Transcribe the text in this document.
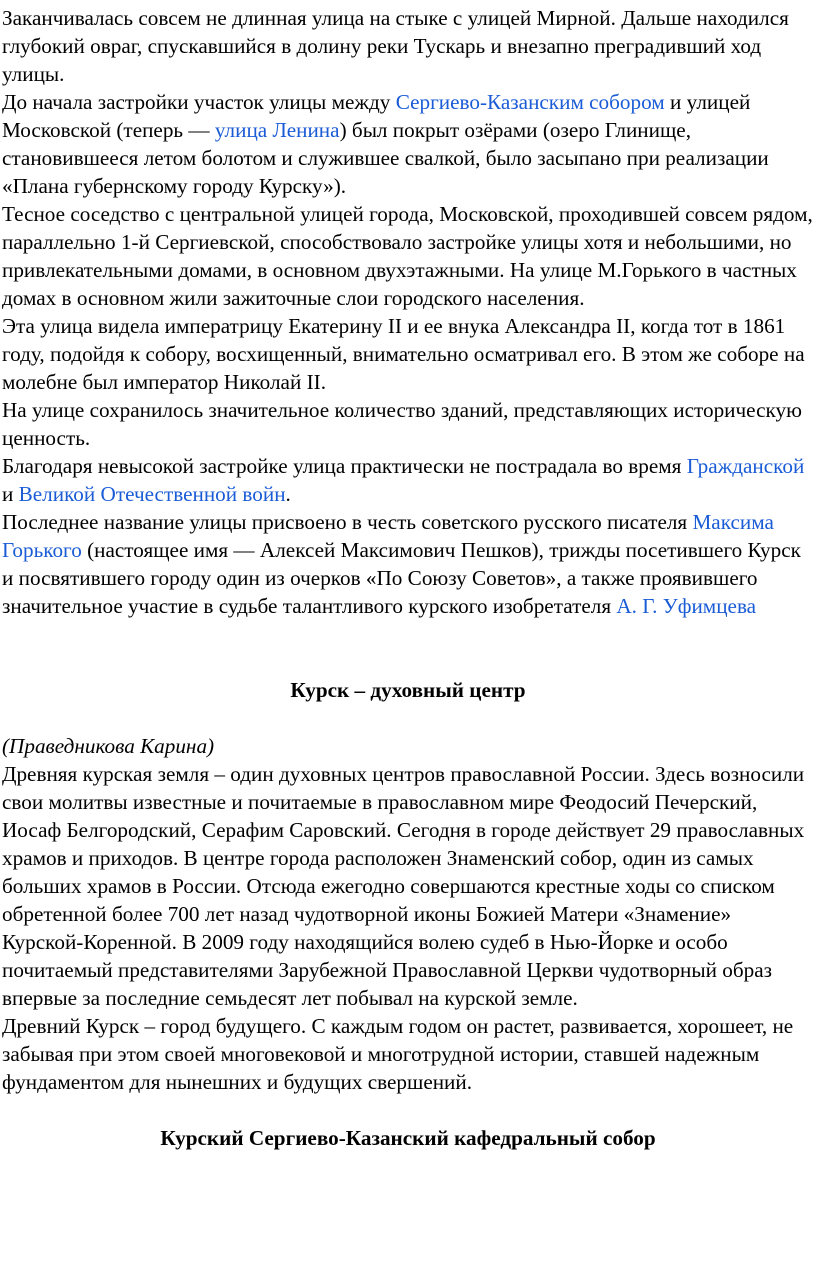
Заканчивалась совсем не длинная улица на стыке с улицей Мирной. Дальше находился глубокий овраг, спускавшийся в долину реки Тускарь и внезапно преградивший ход улицы.

До начала застройки участок улицы между Сергиево-Казанским собором и улицей Московской (теперь — улица Ленина) был покрыт озёрами (озеро Глинище, становившееся летом болотом и служившее свалкой, было засыпано при реализации «Плана губернскому городу Курску»).

Тесное соседство с центральной улицей города, Московской, проходившей совсем рядом, параллельно 1-й Сергиевской, способствовало застройке улицы хотя и небольшими, но привлекательными домами, в основном двухэтажными. На улице М.Горького в частных домах в основном жили зажиточные слои городского населения.

Эта улица видела императрицу Екатерину II и ее внука Александра II, когда тот в 1861 году, подойдя к собору, восхищенный, внимательно осматривал его. В этом же соборе на молебне был император Николай II.

На улице сохранилось значительное количество зданий, представляющих историческую ценность.

Благодаря невысокой застройке улица практически не пострадала во время Гражданской и Великой Отечественной войн.

Последнее название улицы присвоено в честь советского русского писателя Максима Горького (настоящее имя — Алексей Максимович Пешков), трижды посетившего Курск и посвятившего городу один из очерков «По Союзу Советов», а также проявившего значительное участие в судьбе талантливого курского изобретателя А. Г. Уфимцева

Курск – духовный центр

(Праведникова Карина)

Древняя курская земля – один духовных центров православной России. Здесь возносили свои молитвы известные и почитаемые в православном мире Феодосий Печерский, Иосаф Белгородский, Серафим Саровский. Сегодня в городе действует 29 православных храмов и приходов. В центре города расположен Знаменский собор, один из самых больших храмов в России. Отсюда ежегодно совершаются крестные ходы со списком обретенной более 700 лет назад чудотворной иконы Божией Матери «Знамение» Курской-Коренной. В 2009 году находящийся волею судеб в Нью-Йорке и особо почитаемый представителями Зарубежной Православной Церкви чудотворный образ впервые за последние семьдесят лет побывал на курской земле.

Древний Курск – город будущего. С каждым годом он растет, развивается, хорошеет, не забывая при этом своей многовековой и многотрудной истории, ставшей надежным фундаментом для нынешних и будущих свершений.

Курский Сергиево-Казанский кафедральный собор
